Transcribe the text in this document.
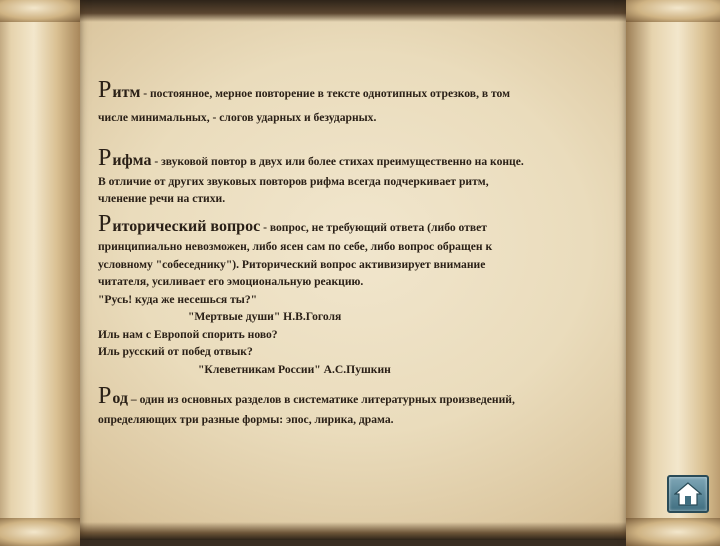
Ритм - постоянное, мерное повторение в тексте однотипных отрезков, в том

числе минимальных, - слогов ударных и безударных.

Рифма - звуковой повтор в двух или более стихах преимущественно на конце.

В отличие от других звуковых повторов рифма всегда подчеркивает ритм,

членение речи на стихи.

Риторический вопрос - вопрос, не требующий ответа (либо ответ

принципиально невозможен, либо ясен сам по себе, либо вопрос обращен к

условному "собеседнику"). Риторический вопрос активизирует внимание

читателя, усиливает его эмоциональную реакцию.

"Русь! куда же несешься ты?"

"Мертвые души" Н.В.Гоголя

Иль нам с Европой спорить ново?

Иль русский от побед отвык?

"Клеветникам России" А.С.Пушкин

Род – один из основных разделов в систематике литературных произведений,

определяющих три разные формы: эпос, лирика, драма.
